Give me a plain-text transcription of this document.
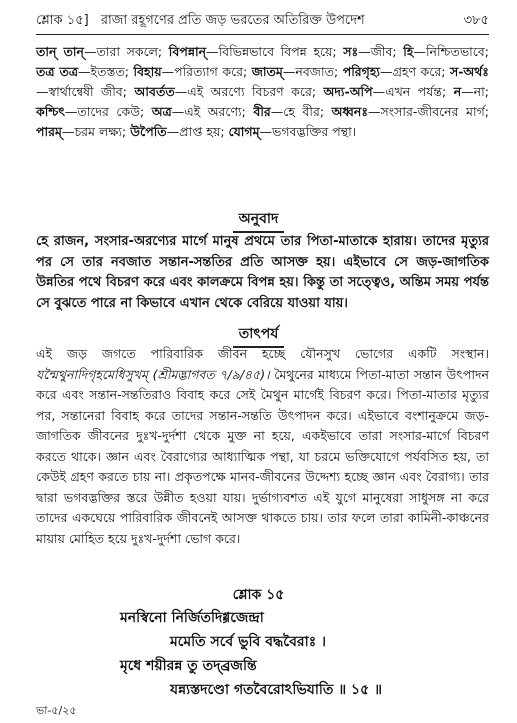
শ্লোক ১৫] রাজা রহূগণের প্রতি জড় ভরতের অতিরিক্ত উপদেশ	৩৮৫
তান্ তান্—তারা সকলে; বিপন্নান্—বিভিন্নভাবে বিপন্ন হয়ে; সঃ—জীব; হি—নিশ্চিতভাবে; তত্র তত্র—ইতস্তত; বিহায়—পরিত্যাগ করে; জাতম্—নবজাত; পরিগৃহ্য—গ্রহণ করে; স-অর্থঃ—স্বার্থান্বেষী জীব; আবর্তত—এই অরণ্যে বিচরণ করে; অদ্য-অপি—এখন পর্যন্ত; ন—না; কশ্চিৎ—তাদের কেউ; অত্র—এই অরণ্যে; বীর—হে বীর; অধ্বনঃ—সংসার-জীবনের মার্গ; পারম্—চরম লক্ষ্য; উপৈতি—প্রাপ্ত হয়; যোগম্—ভগবদ্ভক্তির পন্থা।
অনুবাদ
হে রাজন, সংসার-অরণ্যের মার্গে মানুষ প্রথমে তার পিতা-মাতাকে হারায়। তাদের মৃত্যুর পর সে তার নবজাত সন্তান-সন্ততির প্রতি আসক্ত হয়। এইভাবে সে জড়-জাগতিক উন্নতির পথে বিচরণ করে এবং কালক্রমে বিপন্ন হয়। কিন্তু তা সত্ত্বেও, অন্তিম সময় পর্যন্ত সে বুঝতে পারে না কিভাবে এখান থেকে বেরিয়ে যাওয়া যায়।
তাৎপর্য
এই জড় জগতে পারিবারিক জীবন হচ্ছে যৌনসুখ ভোগের একটি সংস্থান। যন্মৈথুনাদিগৃহমেধিসুখম্ (শ্রীমদ্ভাগবত ৭/৯/৪৫)। মৈথুনের মাধ্যমে পিতা-মাতা সন্তান উৎপাদন করে এবং সন্তান-সন্ততিরাও বিবাহ করে সেই মৈথুন মার্গেই বিচরণ করে। পিতা-মাতার মৃত্যুর পর, সন্তানেরা বিবাহ করে তাদের সন্তান-সন্ততি উৎপাদন করে। এইভাবে বংশানুক্রমে জড়-জাগতিক জীবনের দুঃখ-দুর্দশা থেকে মুক্ত না হয়ে, একইভাবে তারা সংসার-মার্গে বিচরণ করতে থাকে। জ্ঞান এবং বৈরাগ্যের আধ্যাত্মিক পন্থা, যা চরমে ভক্তিযোগে পর্যবসিত হয়, তা কেউই গ্রহণ করতে চায় না। প্রকৃতপক্ষে মানব-জীবনের উদ্দেশ্য হচ্ছে জ্ঞান এবং বৈরাগ্য। তার দ্বারা ভগবদ্ভক্তির স্তরে উন্নীত হওয়া যায়। দুর্ভাগ্যবশত এই যুগে মানুষেরা সাধুসঙ্গ না করে তাদের একঘেয়ে পারিবারিক জীবনেই আসক্ত থাকতে চায়। তার ফলে তারা কামিনী-কাঞ্চনের মায়ায় মোহিত হয়ে দুঃখ-দুর্দশা ভোগ করে।
শ্লোক ১৫
মনস্বিনো নির্জিতদিগ্গজেন্দ্রা
মমেতি সর্বে ভুবি বদ্ধবৈরাঃ ।
মৃধে শয়ীরন্ন তু তদ্‌ব্রজন্তি
যন্ন্যস্তদণ্ডো গতবৈরোঽভিযাতি ॥ ১৫ ॥
ভা-৫/২৫
